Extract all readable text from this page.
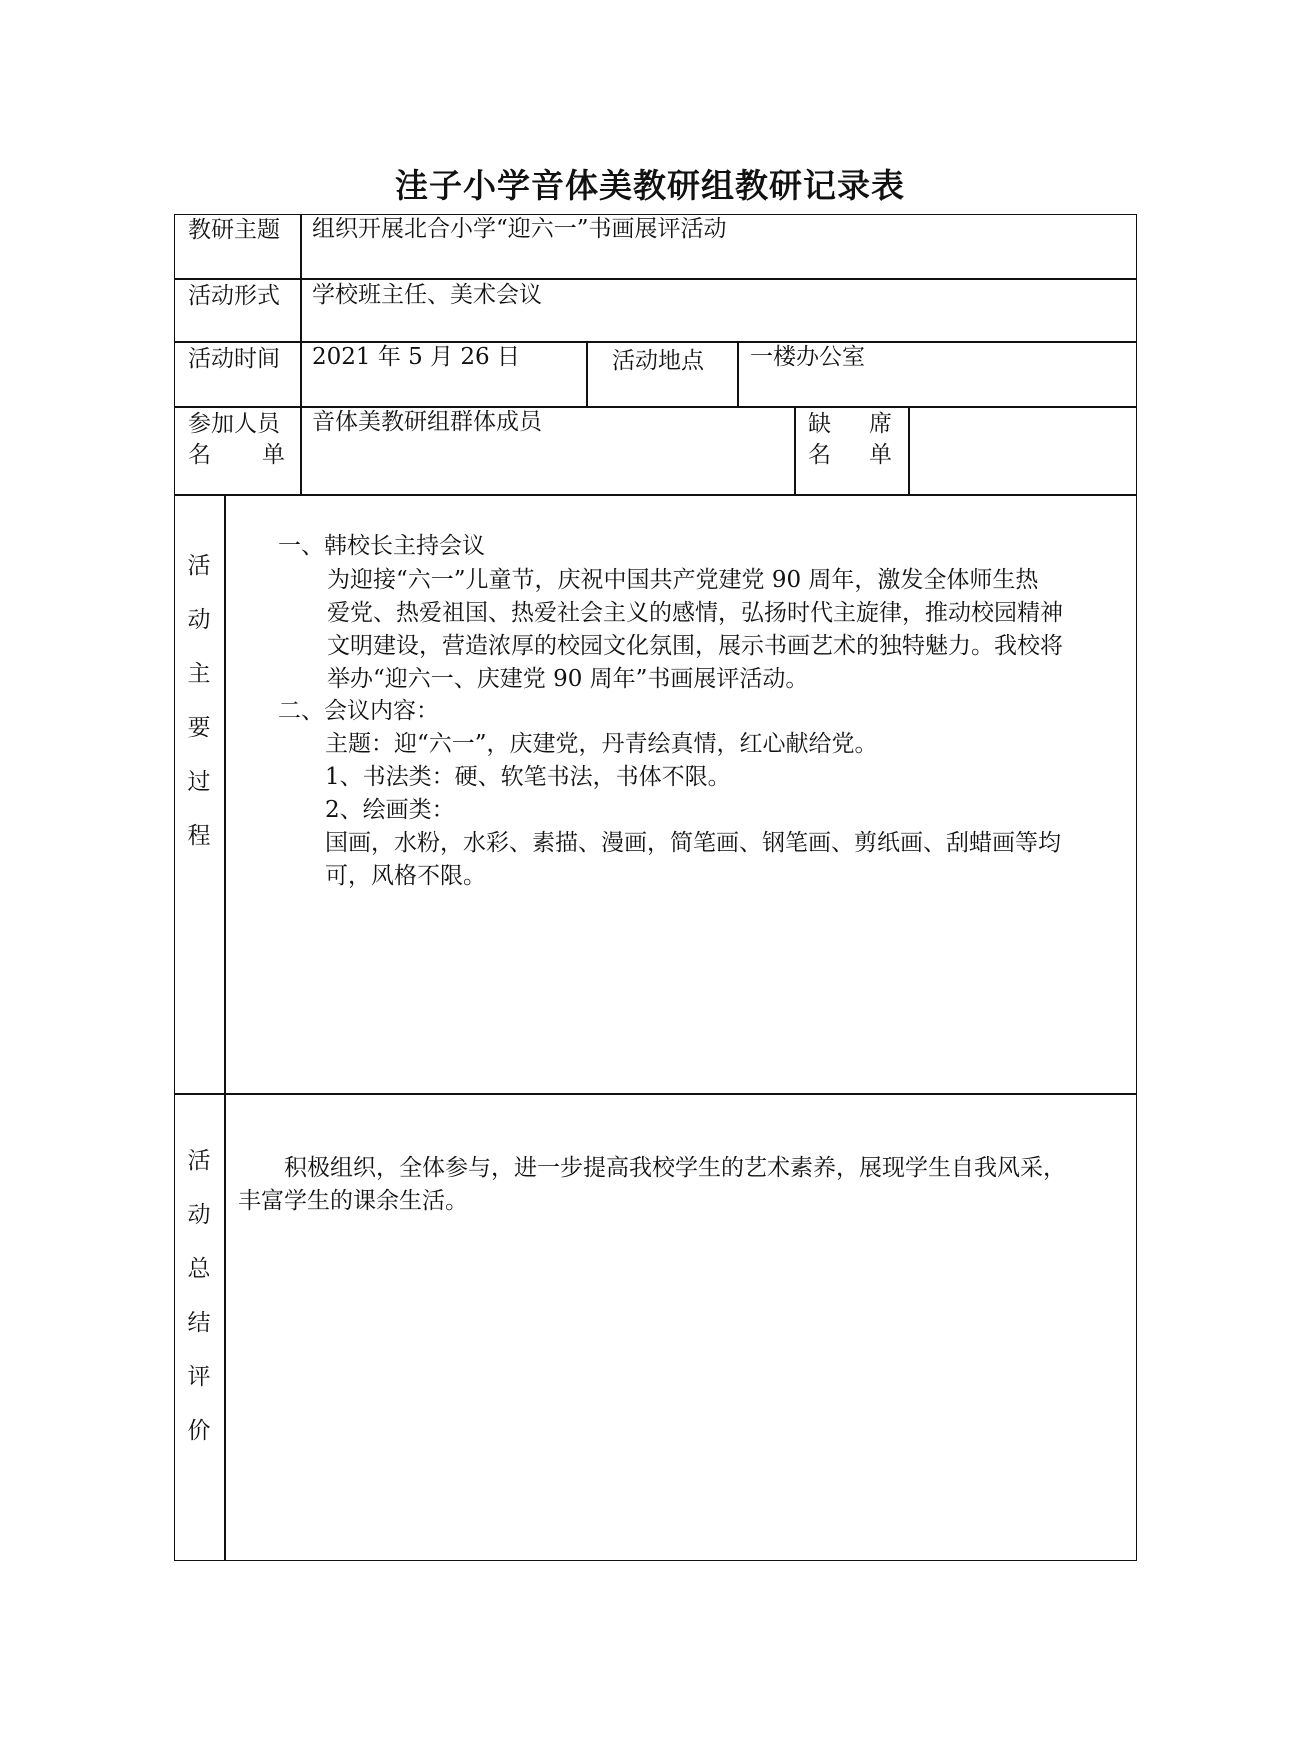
洼子小学音体美教研组教研记录表
教研主题 组织开展北合小学“迎六一”书画展评活动
活动形式 学校班主任、美术会议
活动时间 2021 年 5 月 26 日	活动地点 一楼办公室
参加人员
名 单
音体美教研组群体成员	缺 席
名 单
活
动
主
要
过
程
一、韩校长主持会议
为迎接“六一”儿童节，庆祝中国共产党建党 90 周年，激发全体师生热
爱党、热爱祖国、热爱社会主义的感情，弘扬时代主旋律，推动校园精神
文明建设，营造浓厚的校园文化氛围，展示书画艺术的独特魅力。我校将
举办“迎六一、庆建党 90 周年”书画展评活动。
二、会议内容：
主题：迎“六一”，庆建党，丹青绘真情，红心献给党。
1、书法类：硬、软笔书法，书体不限。
2、绘画类：
国画，水粉，水彩、素描、漫画，简笔画、钢笔画、剪纸画、刮蜡画等均
可，风格不限。
活
动
总
结
评
价
积极组织，全体参与，进一步提高我校学生的艺术素养，展现学生自我风采，
丰富学生的课余生活。
